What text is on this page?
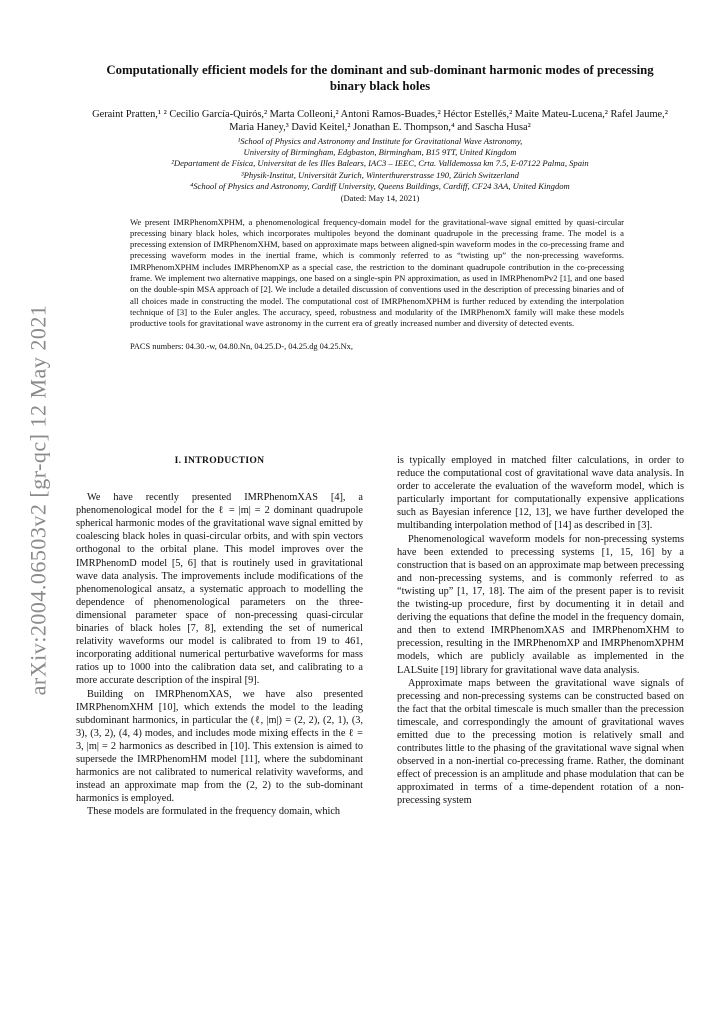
arXiv:2004.06503v2 [gr-qc] 12 May 2021
Computationally efficient models for the dominant and sub-dominant harmonic modes of precessing binary black holes
Geraint Pratten,¹ ² Cecilio García-Quirós,² Marta Colleoni,² Antoni Ramos-Buades,² Héctor Estellés,² Maite Mateu-Lucena,² Rafel Jaume,² Maria Haney,³ David Keitel,² Jonathan E. Thompson,⁴ and Sascha Husa²
¹School of Physics and Astronomy and Institute for Gravitational Wave Astronomy,
University of Birmingham, Edgbaston, Birmingham, B15 9TT, United Kingdom
²Departament de Física, Universitat de les Illes Balears, IAC3 – IEEC, Crta. Valldemossa km 7.5, E-07122 Palma, Spain
³Physik-Institut, Universität Zurich, Winterthurerstrasse 190, Zürich Switzerland
⁴School of Physics and Astronomy, Cardiff University, Queens Buildings, Cardiff, CF24 3AA, United Kingdom
(Dated: May 14, 2021)
We present IMRPhenomXPHM, a phenomenological frequency-domain model for the gravitational-wave signal emitted by quasi-circular precessing binary black holes, which incorporates multipoles beyond the dominant quadrupole in the precessing frame. The model is a precessing extension of IMRPhenomXHM, based on approximate maps between aligned-spin waveform modes in the co-precessing frame and precessing waveform modes in the inertial frame, which is commonly referred to as “twisting up” the non-precessing waveforms. IMRPhenomXPHM includes IMRPhenomXP as a special case, the restriction to the dominant quadrupole contribution in the co-precessing frame. We implement two alternative mappings, one based on a single-spin PN approximation, as used in IMRPhenomPv2 [1], and one based on the double-spin MSA approach of [2]. We include a detailed discussion of conventions used in the description of precessing binaries and of all choices made in constructing the model. The computational cost of IMRPhenomXPHM is further reduced by extending the interpolation technique of [3] to the Euler angles. The accuracy, speed, robustness and modularity of the IMRPhenomX family will make these models productive tools for gravitational wave astronomy in the current era of greatly increased number and diversity of detected events.
PACS numbers: 04.30.-w, 04.80.Nn, 04.25.D-, 04.25.dg 04.25.Nx,
I. INTRODUCTION

We have recently presented IMRPhenomXAS [4], a phenomenological model for the ℓ = |m| = 2 dominant quadrupole spherical harmonic modes of the gravitational wave signal emitted by coalescing black holes in quasi-circular orbits, and with spin vectors orthogonal to the orbital plane. This model improves over the IMRPhenomD model [5, 6] that is routinely used in gravitational wave data analysis. The improvements include modifications of the phenomenological ansatz, a systematic approach to modelling the dependence of phenomenological parameters on the three-dimensional parameter space of non-precessing quasi-circular binaries of black holes [7, 8], extending the set of numerical relativity waveforms our model is calibrated to from 19 to 461, incorporating additional numerical perturbative waveforms for mass ratios up to 1000 into the calibration data set, and calibrating to a more accurate description of the inspiral [9].

Building on IMRPhenomXAS, we have also presented IMRPhenomXHM [10], which extends the model to the leading subdominant harmonics, in particular the (ℓ, |m|) = (2, 2), (2, 1), (3, 3), (3, 2), (4, 4) modes, and includes mode mixing effects in the ℓ = 3, |m| = 2 harmonics as described in [10]. This extension is aimed to supersede the IMRPhenomHM model [11], where the subdominant harmonics are not calibrated to numerical relativity waveforms, and instead an approximate map from the (2, 2) to the sub-dominant harmonics is employed.

These models are formulated in the frequency domain, which

is typically employed in matched filter calculations, in order to reduce the computational cost of gravitational wave data analysis. In order to accelerate the evaluation of the waveform model, which is particularly important for computationally expensive applications such as Bayesian inference [12, 13], we have further developed the multibanding interpolation method of [14] as described in [3].

Phenomenological waveform models for non-precessing systems have been extended to precessing systems [1, 15, 16] by a construction that is based on an approximate map between precessing and non-precessing systems, and is commonly referred to as “twisting up” [1, 17, 18]. The aim of the present paper is to revisit the twisting-up procedure, first by documenting it in detail and deriving the equations that define the model in the frequency domain, and then to extend IMRPhenomXAS and IMRPhenomXHM to precession, resulting in the IMRPhenomXP and IMRPhenomXPHM models, which are publicly available as implemented in the LALSuite [19] library for gravitational wave data analysis.

Approximate maps between the gravitational wave signals of precessing and non-precessing systems can be constructed based on the fact that the orbital timescale is much smaller than the precession timescale, and correspondingly the amount of gravitational waves emitted due to the precessing motion is relatively small and contributes little to the phasing of the gravitational wave signal when observed in a non-inertial co-precessing frame. Rather, the dominant effect of precession is an amplitude and phase modulation that can be approximated in terms of a time-dependent rotation of a non-precessing system
